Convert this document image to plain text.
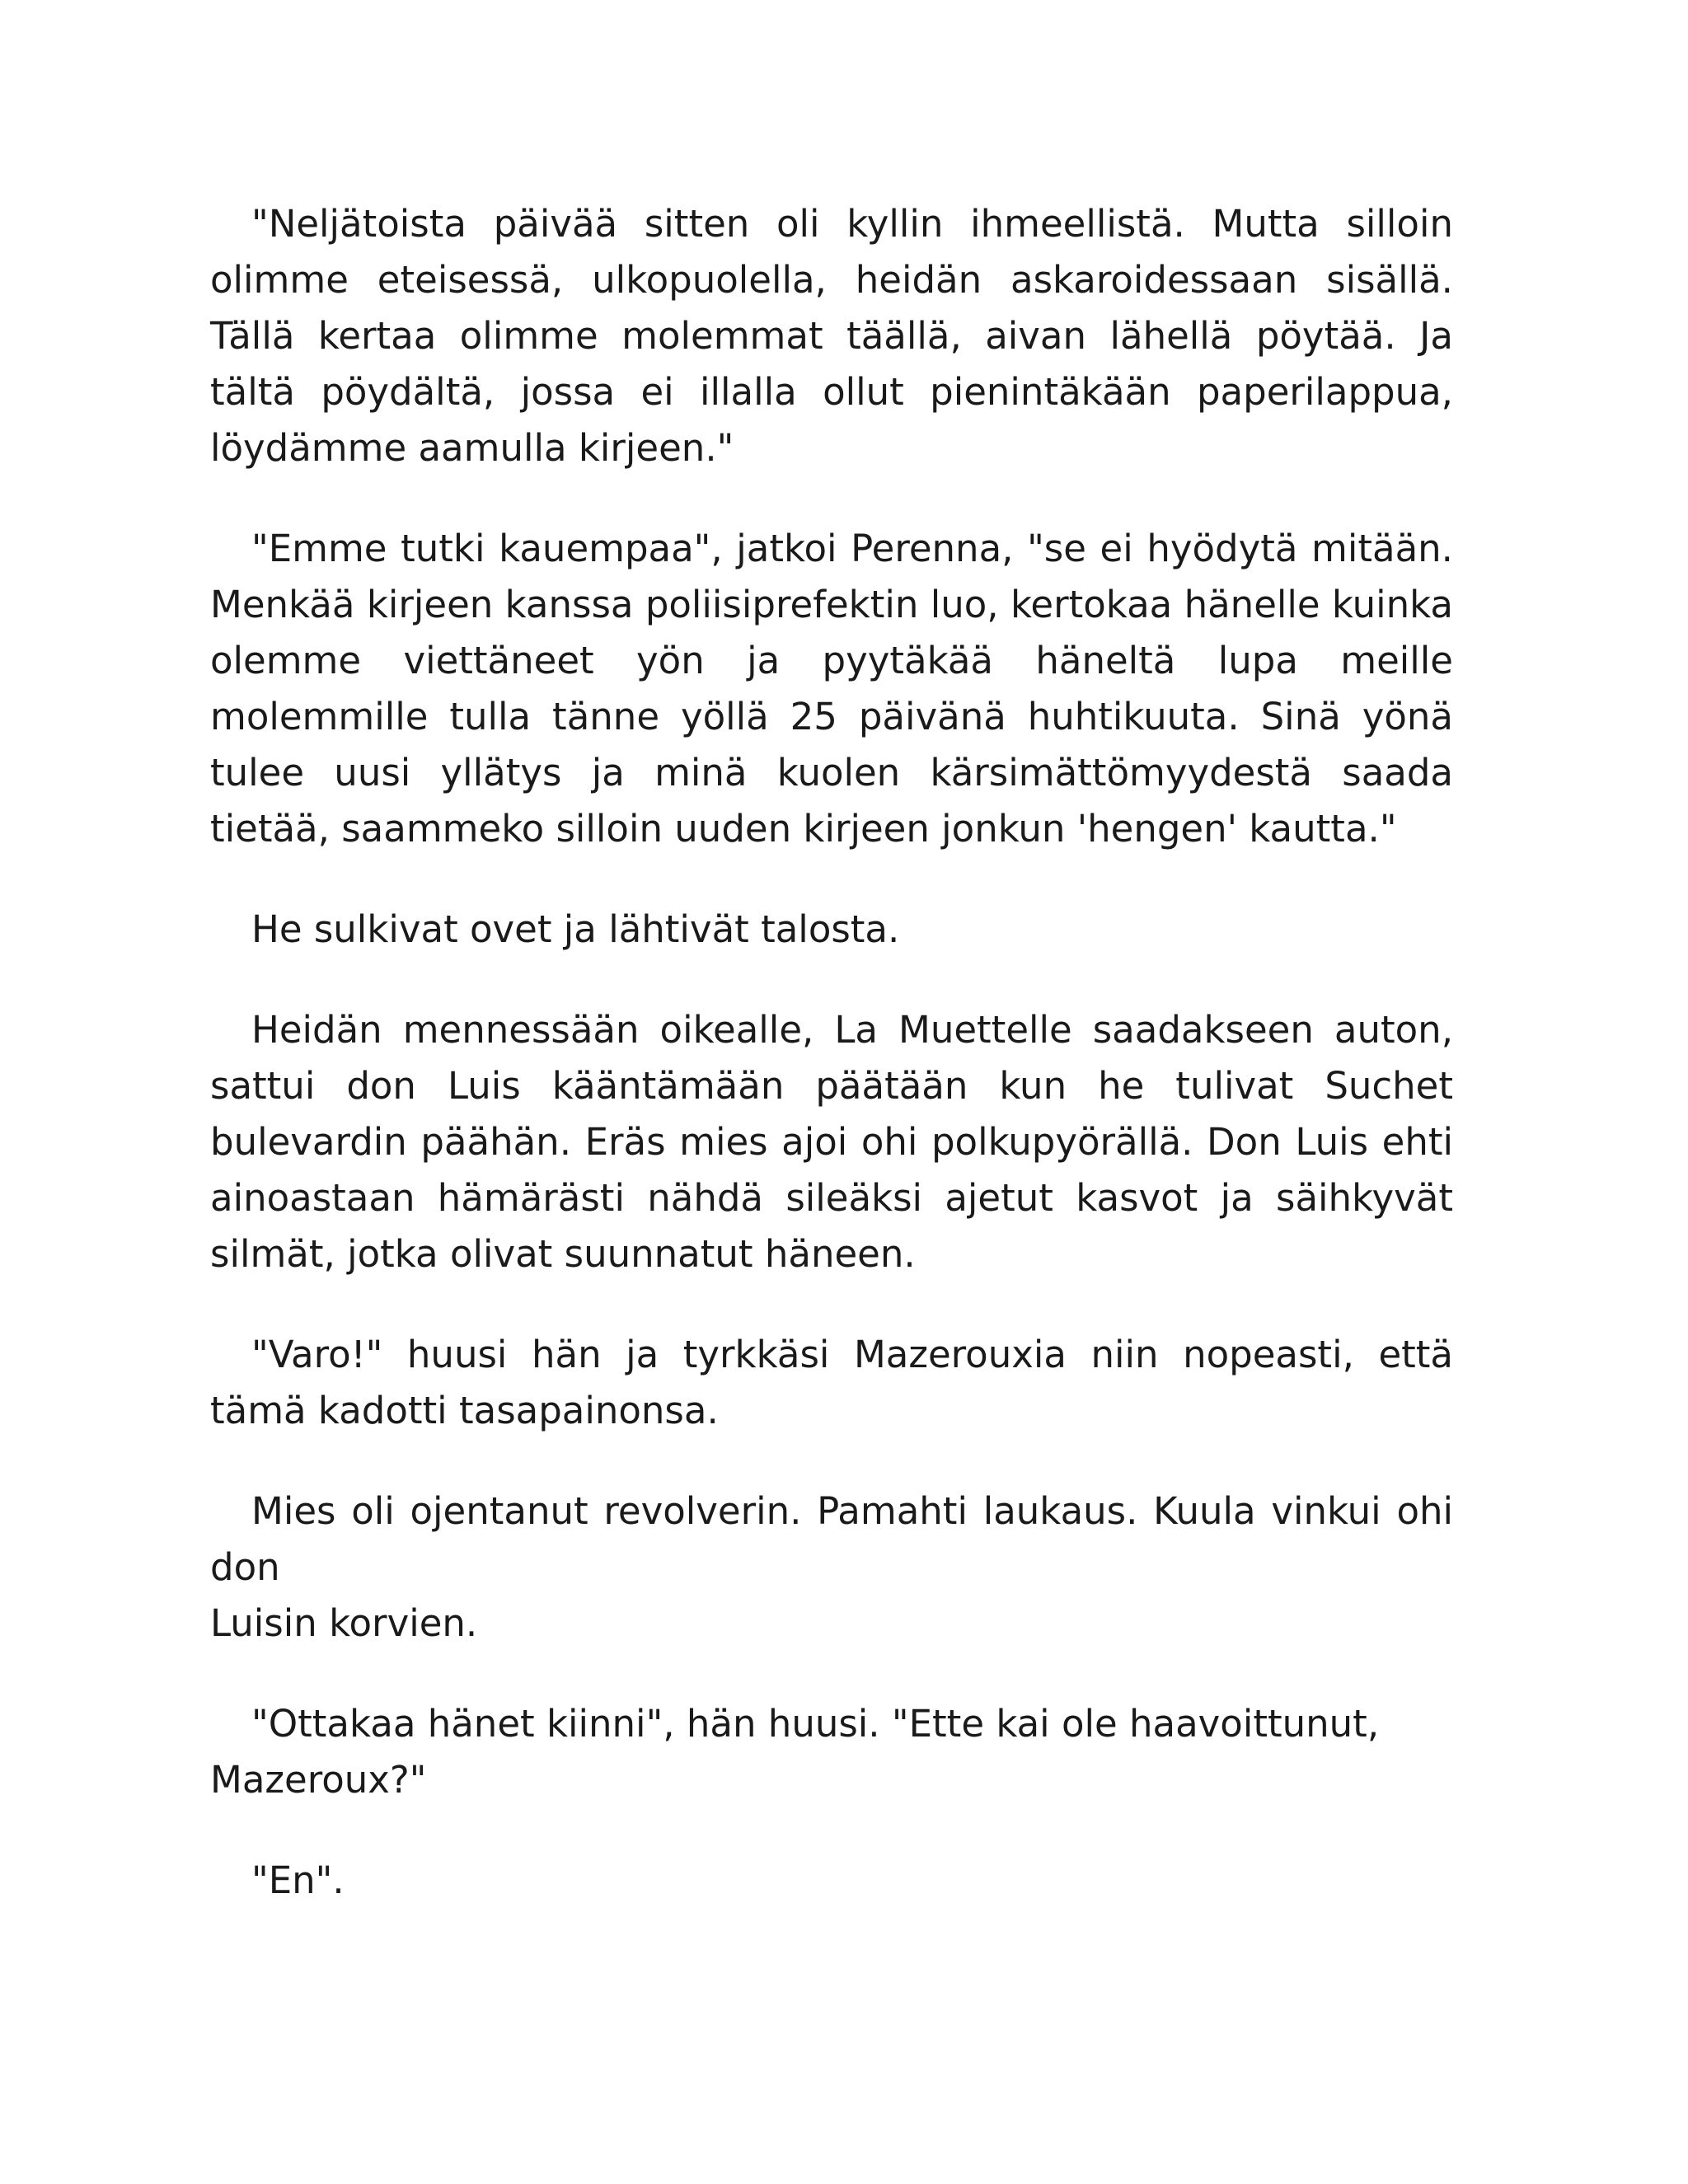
"Neljätoista päivää sitten oli kyllin ihmeellistä. Mutta silloin olimme eteisessä, ulkopuolella, heidän askaroidessaan sisällä. Tällä kertaa olimme molemmat täällä, aivan lähellä pöytää. Ja tältä pöydältä, jossa ei illalla ollut pienintäkään paperilappua, löydämme aamulla kirjeen."

"Emme tutki kauempaa", jatkoi Perenna, "se ei hyödytä mitään. Menkää kirjeen kanssa poliisiprefektin luo, kertokaa hänelle kuinka olemme viettäneet yön ja pyytäkää häneltä lupa meille molemmille tulla tänne yöllä 25 päivänä huhtikuuta. Sinä yönä tulee uusi yllätys ja minä kuolen kärsimättömyydestä saada tietää, saammeko silloin uuden kirjeen jonkun 'hengen' kautta."

He sulkivat ovet ja lähtivät talosta.

Heidän mennessään oikealle, La Muettelle saadakseen auton, sattui don Luis kääntämään päätään kun he tulivat Suchet bulevardin päähän. Eräs mies ajoi ohi polkupyörällä. Don Luis ehti ainoastaan hämärästi nähdä sileäksi ajetut kasvot ja säihkyvät silmät, jotka olivat suunnatut häneen.

"Varo!" huusi hän ja tyrkkäsi Mazerouxia niin nopeasti, että tämä kadotti tasapainonsa.

Mies oli ojentanut revolverin. Pamahti laukaus. Kuula vinkui ohi don
Luisin korvien.

"Ottakaa hänet kiinni", hän huusi. "Ette kai ole haavoittunut,
Mazeroux?"

"En".
